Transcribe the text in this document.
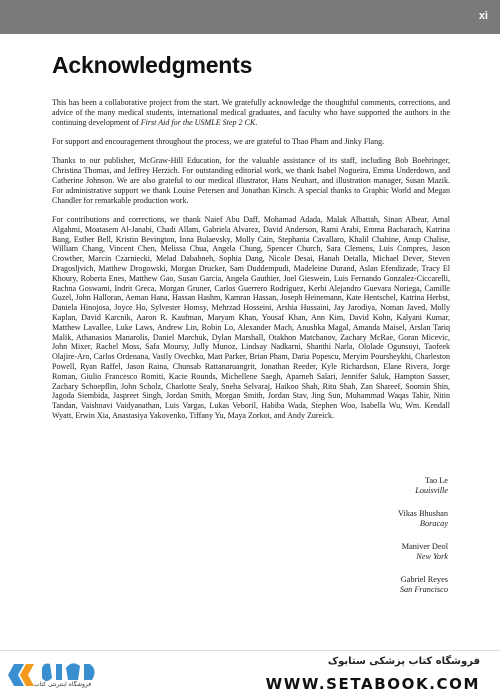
xi
Acknowledgments

This has been a collaborative project from the start. We gratefully acknowledge the thoughtful comments, corrections, and advice of the many medical students, international medical graduates, and faculty who have supported the authors in the continuing development of First Aid for the USMLE Step 2 CK.

For support and encouragement throughout the process, we are grateful to Thao Pham and Jinky Flang.

Thanks to our publisher, McGraw-Hill Education, for the valuable assistance of its staff, including Bob Boehringer, Christina Thomas, and Jeffrey Herzich. For outstanding editorial work, we thank Isabel Nogueira, Emma Underdown, and Catherine Johnson. We are also grateful to our medical illustrator, Hans Neuhart, and illustration manager, Susan Mazik. For administrative support we thank Louise Petersen and Jonathan Kirsch. A special thanks to Graphic World and Megan Chandler for remarkable production work.

For contributions and corrections, we thank Naief Abu Daff, Mohamad Adada, Malak Albattah, Sinan Albear, Amal Algahmi, Moatasem Al-Janabi, Chadi Allam, Gabriela Alvarez, David Anderson, Rami Arabi, Emma Bacharach, Katrina Bang, Esther Bell, Kristin Bevington, Inna Bulaevsky, Molly Cain, Stephania Cavallaro, Khalil Chahine, Anup Chalise, William Chang, Vincent Chen, Melissa Chua, Angela Chung, Spencer Church, Sara Clemens, Luis Compres, Jason Crowther, Marcin Czarniecki, Melad Dababneh, Sophia Dang, Nicole Desai, Hanah Detalla, Michael Dever, Steven Dragosljvich, Matthew Drogowski, Morgan Drucker, Sam Duddempudi, Madeleine Durand, Aslan Efendizade, Tracy El Khoury, Roberta Enes, Matthew Gao, Susan Garcia, Angela Gauthier, Joel Gieswein, Luis Fernando Gonzalez-Ciccarelli, Rachna Goswami, Indrit Greca, Morgan Gruner, Carlos Guerrero Rodríguez, Kerbi Alejandro Guevara Noriega, Camille Guzel, John Halloran, Aeman Hana, Hassan Hashm, Kamran Hassan, Joseph Heinemann, Kate Hentschel, Katrina Herbst, Daniela Hinojosa, Joyce Ho, Sylvester Homsy, Mehrzad Hosseini, Arshia Hussaini, Jay Jarodiya, Noman Javed, Molly Kaplan, David Karcnik, Aaron R. Kaufman, Maryam Khan, Yousaf Khan, Ann Kim, David Kohn, Kalyani Kumar, Matthew Lavallee, Luke Laws, Andrew Lin, Robin Lo, Alexander Mach, Anushka Magal, Amanda Maisel, Arslan Tariq Malik, Athanasios Manarolis, Daniel Marchuk, Dylan Marshall, Otakhon Matchanov, Zachary McRae, Goran Micevic, John Mixer, Rachel Moss, Safa Moursy, Jully Munoz, Lindsay Nadkarni, Shanthi Narla, Ololade Ogunsuyi, Taofeek Olajire-Aro, Carlos Ordenana, Vasily Ovechko, Matt Parker, Brian Pham, Daria Popescu, Meryim Poursheykhi, Charleston Powell, Ryan Raffel, Jason Raina, Chunsab Rattanaruangrit, Jonathan Reeder, Kyle Richardson, Elane Rivera, Jorge Roman, Giulio Francesco Romiti, Kacie Rounds, Michellene Saegh, Aparneh Salari, Jennifer Saluk, Hampton Sasser, Zachary Schoepflin, John Scholz, Charlotte Sealy, Sneha Selvaraj, Haikoo Shah, Ritu Shah, Zan Shareef, Soomin Shin, Jagoda Siembida, Jaspreet Singh, Jordan Smith, Morgan Smith, Jordan Stav, Jing Sun, Muhammad Waqas Tahir, Nitin Tandan, Vaishnavi Vaidyanathan, Luis Vargas, Lukas Veboril, Habiba Wada, Stephen Woo, Isabella Wu, Wm. Kendall Wyatt, Erwin Xia, Anastasiya Yakovenko, Tiffany Yu, Maya Zorkot, and Andy Zureick.

Tao Le
Louisville
Vikas Bhushan
Boracay
Maniver Deol
New York
Gabriel Reyes
San Francisco
فروشگاه اینترنتی کتاب
فروشگاه کتاب پزشکی ستابوک
WWW.SETABOOK.COM
